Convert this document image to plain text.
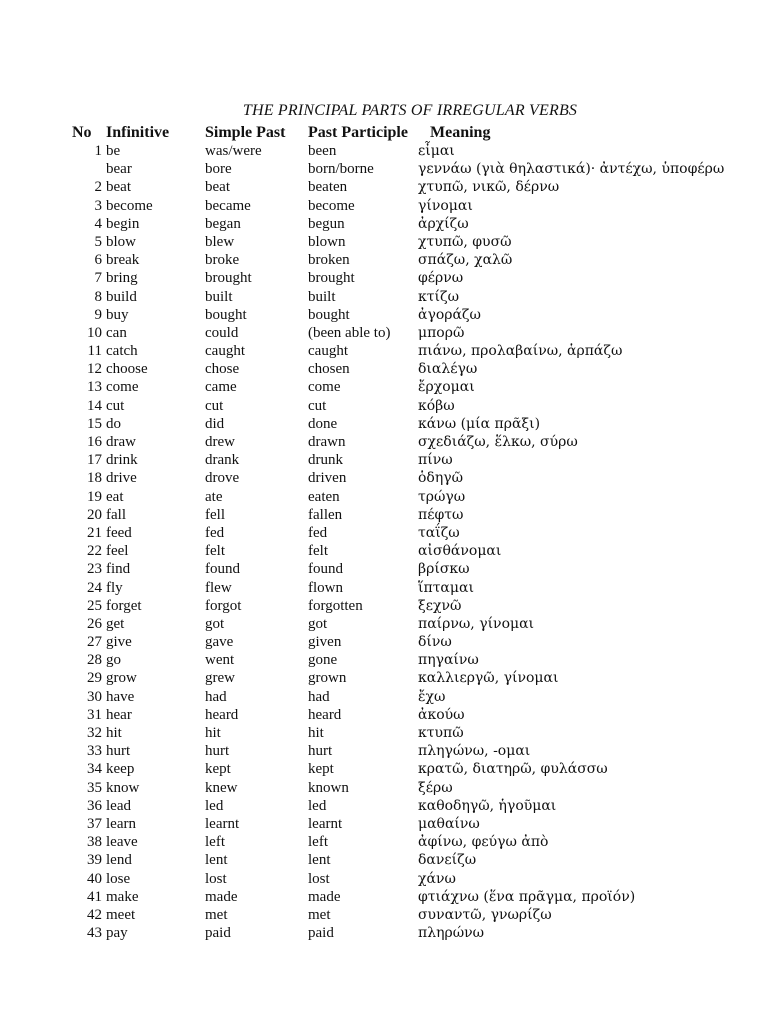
THE PRINCIPAL PARTS OF IRREGULAR VERBS
No Infinitive Simple Past Past Participle Meaning
1 be	was/were	been	εἶμαι
bear	bore	born/borne	γεννάω (γιὰ θηλαστικά)· ἀντέχω, ὑποφέρω
2 beat	beat	beaten	χτυπῶ, νικῶ, δέρνω
3 become	became	become	γίνομαι
4 begin	began	begun	ἀρχίζω
5 blow	blew	blown	χτυπῶ, φυσῶ
6 break	broke	broken	σπάζω, χαλῶ
7 bring	brought	brought	φέρνω
8 build	built	built	κτίζω
9 buy	bought	bought	ἀγοράζω
10 can	could	(been able to) μπορῶ
11 catch	caught	caught	πιάνω, προλαβαίνω, ἁρπάζω
12 choose	chose	chosen	διαλέγω
13 come	came	come	ἔρχομαι
14 cut	cut	cut	κόβω
15 do	did	done	κάνω (μία πρᾶξι)
16 draw	drew	drawn	σχεδιάζω, ἕλκω, σύρω
17 drink	drank	drunk	πίνω
18 drive	drove	driven	ὁδηγῶ
19 eat	ate	eaten	τρώγω
20 fall	fell	fallen	πέφτω
21 feed	fed	fed	ταΐζω
22 feel	felt	felt	αἰσθάνομαι
23 find	found	found	βρίσκω
24 fly	flew	flown	ἵπταμαι
25 forget	forgot	forgotten	ξεχνῶ
26 get	got	got	παίρνω, γίνομαι
27 give	gave	given	δίνω
28 go	went	gone	πηγαίνω
29 grow	grew	grown	καλλιεργῶ, γίνομαι
30 have	had	had	ἔχω
31 hear	heard	heard	ἀκούω
32 hit	hit	hit	κτυπῶ
33 hurt	hurt	hurt	πληγώνω, -ομαι
34 keep	kept	kept	κρατῶ, διατηρῶ, φυλάσσω
35 know	knew	known	ξέρω
36 lead	led	led	καθοδηγῶ, ἡγοῦμαι
37 learn	learnt	learnt	μαθαίνω
38 leave	left	left	ἀφίνω, φεύγω ἀπὸ
39 lend	lent	lent	δανείζω
40 lose	lost	lost	χάνω
41 make	made	made	φτιάχνω (ἕνα πρᾶγμα, προϊόν)
42 meet	met	met	συναντῶ, γνωρίζω
43 pay	paid	paid	πληρώνω
